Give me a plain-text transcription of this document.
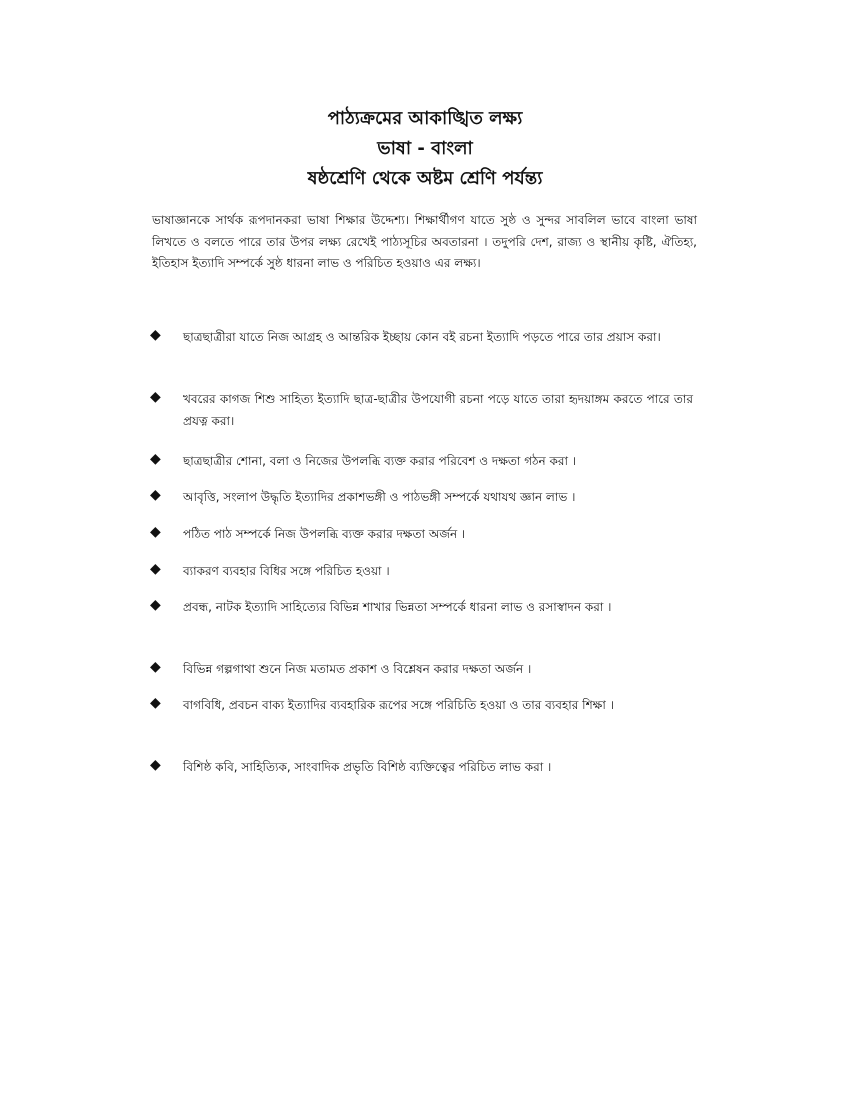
পাঠ্যক্রমের আকাঙ্খিত লক্ষ্য

ভাষা - বাংলা

ষষ্ঠশ্রেণি থেকে অষ্টম শ্রেণি পর্যন্ত্য

ভাষাজ্ঞানকে সার্থক রূপদানকরা ভাষা শিক্ষার উদ্দেশ্য। শিক্ষার্থীগণ যাতে সুষ্ঠ ও সুন্দর সাবলিল ভাবে বাংলা ভাষা লিখতে ও বলতে পারে তার উপর লক্ষ্য রেখেই পাঠ্যসূচির অবতারনা । তদুপরি দেশ, রাজ্য ও স্থানীয় কৃষ্টি, ঐতিহ্য, ইতিহাস ইত্যাদি সম্পর্কে সুষ্ঠ ধারনা লাভ ও পরিচিত হওয়াও এর লক্ষ্য।

◆ ছাত্রছাত্রীরা যাতে নিজ আগ্রহ ও আন্তরিক ইচ্ছায় কোন বই রচনা ইত্যাদি পড়তে পারে তার প্রয়াস করা।

◆ খবরের কাগজ শিশু সাহিত্য ইত্যাদি ছাত্র-ছাত্রীর উপযোগী রচনা পড়ে যাতে তারা হৃদয়াঙ্গম করতে পারে তার প্রযত্ন করা।

◆ ছাত্রছাত্রীর শোনা, বলা ও নিজের উপলব্ধি ব্যক্ত করার পরিবেশ ও দক্ষতা গঠন করা ।

◆ আবৃত্তি, সংলাপ উদ্ধৃতি ইত্যাদির প্রকাশভঙ্গী ও পাঠভঙ্গী সম্পর্কে যথাযথ জ্ঞান লাভ ।

◆ পঠিত পাঠ সম্পর্কে নিজ উপলব্ধি ব্যক্ত করার দক্ষতা অর্জন ।

◆ ব্যাকরণ ব্যবহার বিধির সঙ্গে পরিচিত হওয়া ।

◆ প্রবন্ধ, নাটক ইত্যাদি সাহিত্যের বিভিন্ন শাখার ভিন্নতা সম্পর্কে ধারনা লাভ ও রসাস্বাদন করা ।

◆ বিভিন্ন গল্পগাথা শুনে নিজ মতামত প্রকাশ ও বিশ্লেষন করার দক্ষতা অর্জন ।

◆ বাগবিধি, প্রবচন বাক্য ইত্যাদির ব্যবহারিক রূপের সঙ্গে পরিচিতি হওয়া ও তার ব্যবহার শিক্ষা ।

◆ বিশিষ্ঠ কবি, সাহিত্যিক, সাংবাদিক প্রভৃতি বিশিষ্ঠ ব্যক্তিত্বের পরিচিত লাভ করা ।
